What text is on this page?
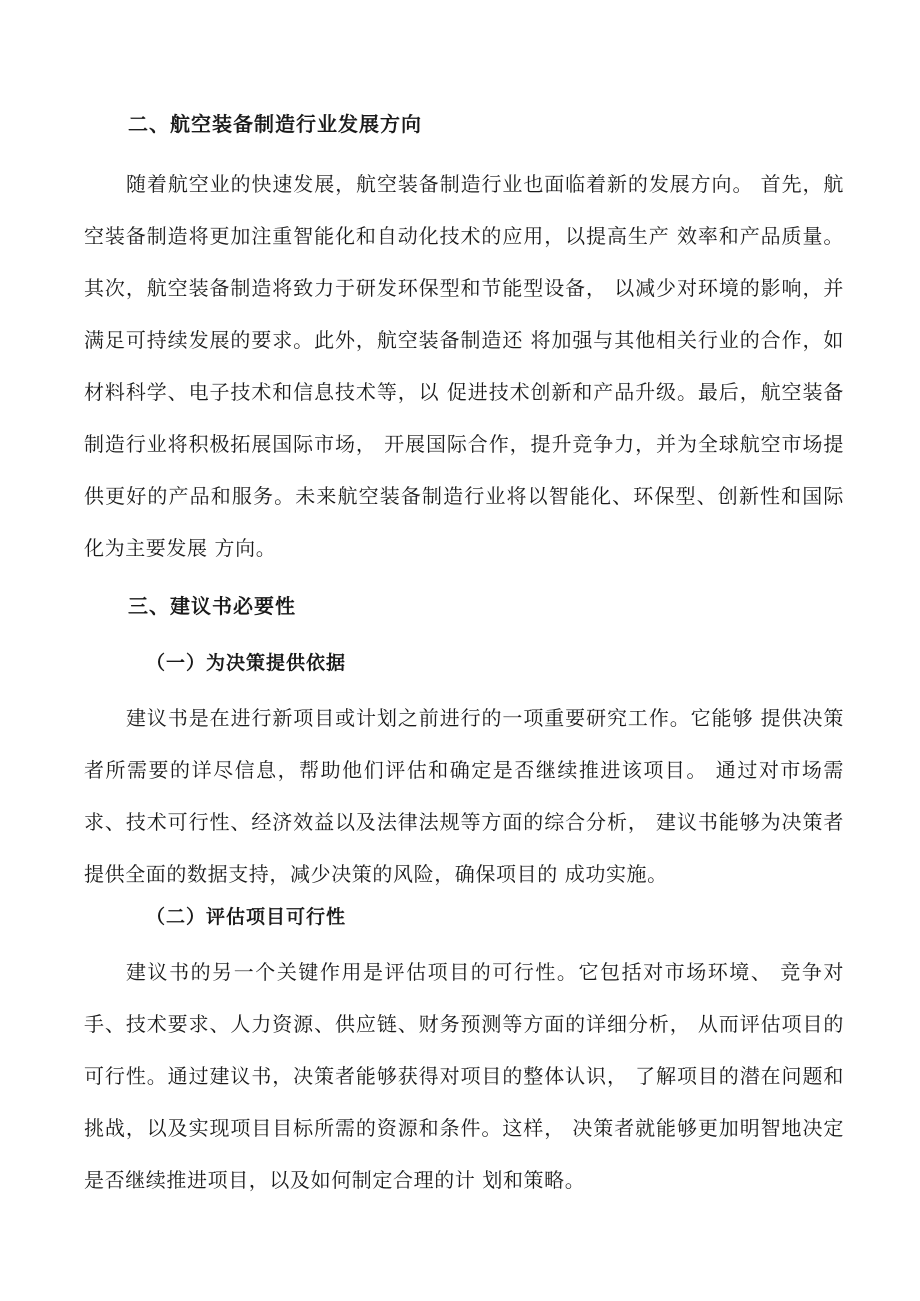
二、航空装备制造行业发展方向

随着航空业的快速发展，航空装备制造行业也面临着新的发展方向。 首先，航空装备制造将更加注重智能化和自动化技术的应用，以提高生产 效率和产品质量。其次，航空装备制造将致力于研发环保型和节能型设备， 以减少对环境的影响，并满足可持续发展的要求。此外，航空装备制造还 将加强与其他相关行业的合作，如材料科学、电子技术和信息技术等，以 促进技术创新和产品升级。最后，航空装备制造行业将积极拓展国际市场， 开展国际合作，提升竞争力，并为全球航空市场提供更好的产品和服务。未来航空装备制造行业将以智能化、环保型、创新性和国际化为主要发展 方向。

三、建议书必要性
（一）为决策提供依据

建议书是在进行新项目或计划之前进行的一项重要研究工作。它能够 提供决策者所需要的详尽信息，帮助他们评估和确定是否继续推进该项目。 通过对市场需求、技术可行性、经济效益以及法律法规等方面的综合分析， 建议书能够为决策者提供全面的数据支持，减少决策的风险，确保项目的 成功实施。

（二）评估项目可行性

建议书的另一个关键作用是评估项目的可行性。它包括对市场环境、 竞争对手、技术要求、人力资源、供应链、财务预测等方面的详细分析， 从而评估项目的可行性。通过建议书，决策者能够获得对项目的整体认识， 了解项目的潜在问题和挑战，以及实现项目目标所需的资源和条件。这样， 决策者就能够更加明智地决定是否继续推进项目，以及如何制定合理的计 划和策略。
